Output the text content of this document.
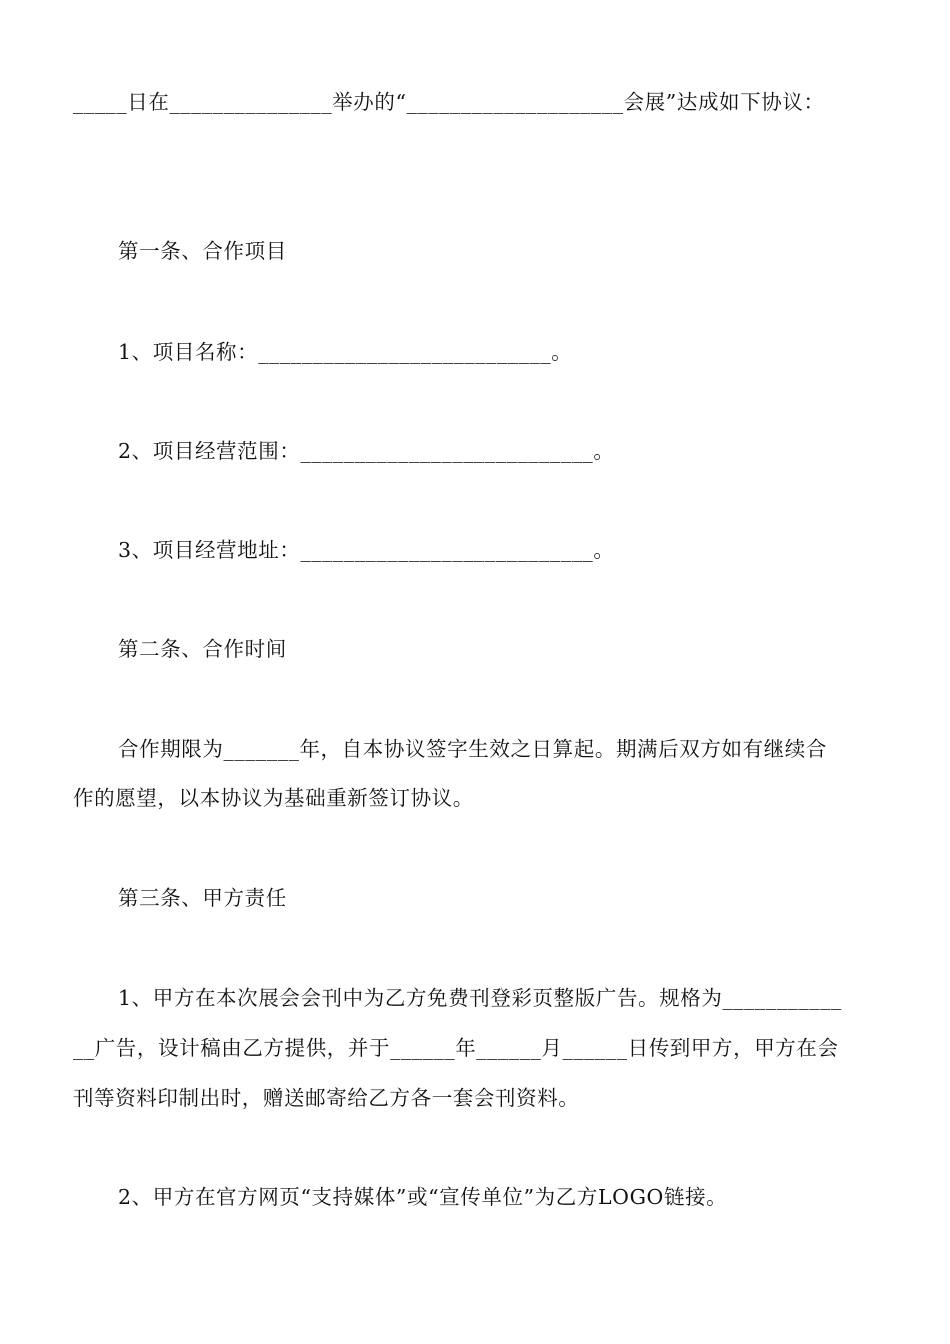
_____日在_______________举办的“____________________会展”达成如下协议：
第一条、合作项目
1、项目名称：___________________________。
2、项目经营范围：___________________________。
3、项目经营地址：___________________________。
第二条、合作时间
合作期限为_______年，自本协议签字生效之日算起。期满后双方如有继续合
作的愿望，以本协议为基础重新签订协议。
第三条、甲方责任
1、甲方在本次展会会刊中为乙方免费刊登彩页整版广告。规格为___________
__广告，设计稿由乙方提供，并于______年______月______日传到甲方，甲方在会
刊等资料印制出时，赠送邮寄给乙方各一套会刊资料。
2、甲方在官方网页“支持媒体”或“宣传单位”为乙方LOGO链接。
